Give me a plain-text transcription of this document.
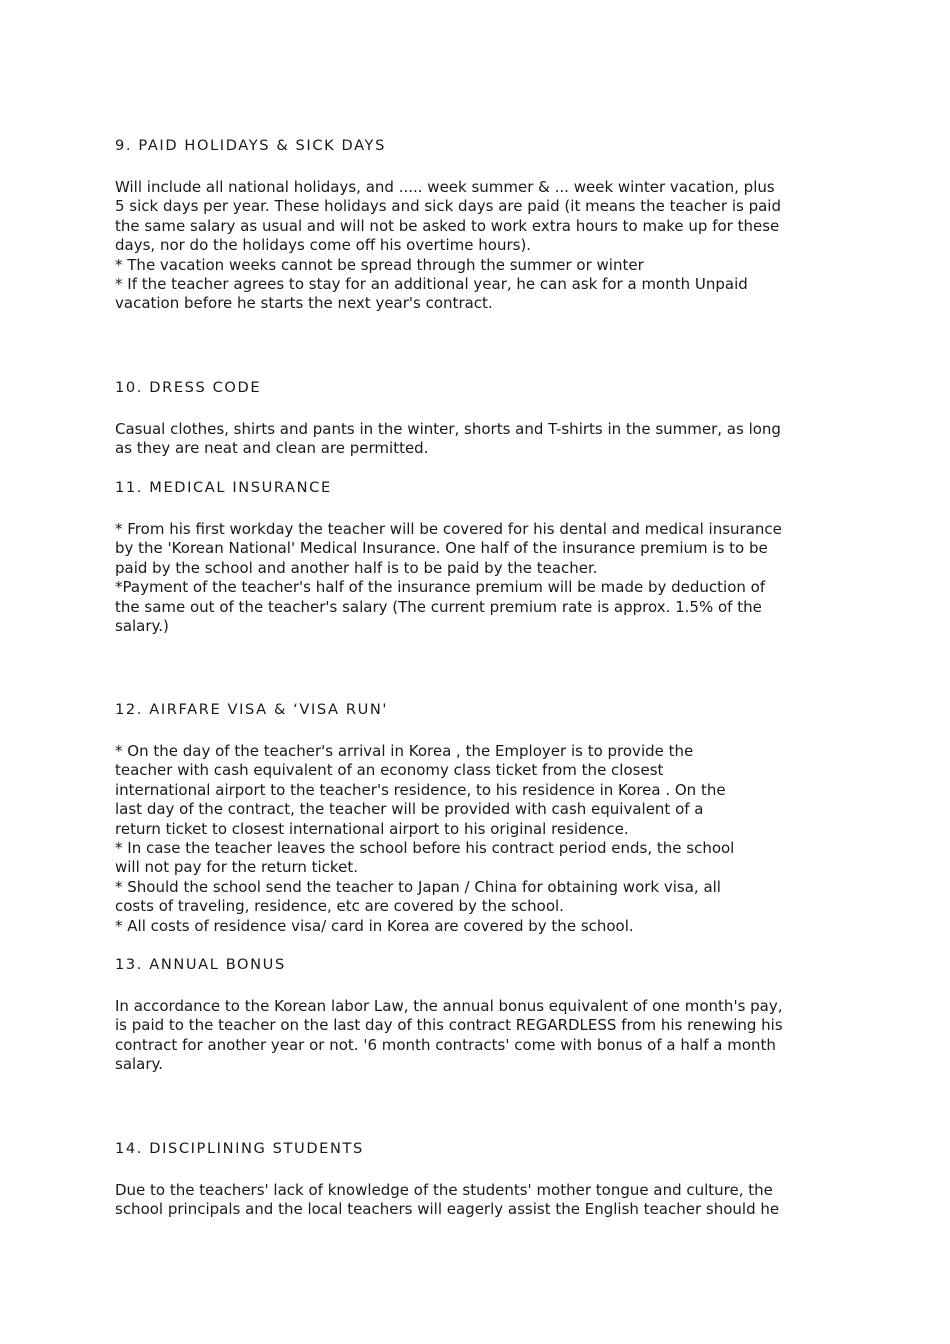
9. PAID HOLIDAYS & SICK DAYS
Will include all national holidays, and ..... week summer & ... week winter vacation, plus
5 sick days per year. These holidays and sick days are paid (it means the teacher is paid
the same salary as usual and will not be asked to work extra hours to make up for these
days, nor do the holidays come off his overtime hours).
* The vacation weeks cannot be spread through the summer or winter
* If the teacher agrees to stay for an additional year, he can ask for a month Unpaid
vacation before he starts the next year's contract.
10. DRESS CODE
Casual clothes, shirts and pants in the winter, shorts and T-shirts in the summer, as long
as they are neat and clean are permitted.
11. MEDICAL INSURANCE
* From his first workday the teacher will be covered for his dental and medical insurance
by the 'Korean National' Medical Insurance. One half of the insurance premium is to be
paid by the school and another half is to be paid by the teacher.
*Payment of the teacher's half of the insurance premium will be made by deduction of
the same out of the teacher's salary (The current premium rate is approx. 1.5% of the
salary.)
12. AIRFARE VISA & ‘VISA RUN'
* On the day of the teacher's arrival in Korea , the Employer is to provide the
teacher with cash equivalent of an economy class ticket from the closest
international airport to the teacher's residence, to his residence in Korea . On the
last day of the contract, the teacher will be provided with cash equivalent of a
return ticket to closest international airport to his original residence.
* In case the teacher leaves the school before his contract period ends, the school
will not pay for the return ticket.
* Should the school send the teacher to Japan / China for obtaining work visa, all
costs of traveling, residence, etc are covered by the school.
* All costs of residence visa/ card in Korea are covered by the school.
13. ANNUAL BONUS
In accordance to the Korean labor Law, the annual bonus equivalent of one month's pay,
is paid to the teacher on the last day of this contract REGARDLESS from his renewing his
contract for another year or not. '6 month contracts' come with bonus of a half a month
salary.
14. DISCIPLINING STUDENTS
Due to the teachers' lack of knowledge of the students' mother tongue and culture, the
school principals and the local teachers will eagerly assist the English teacher should he
